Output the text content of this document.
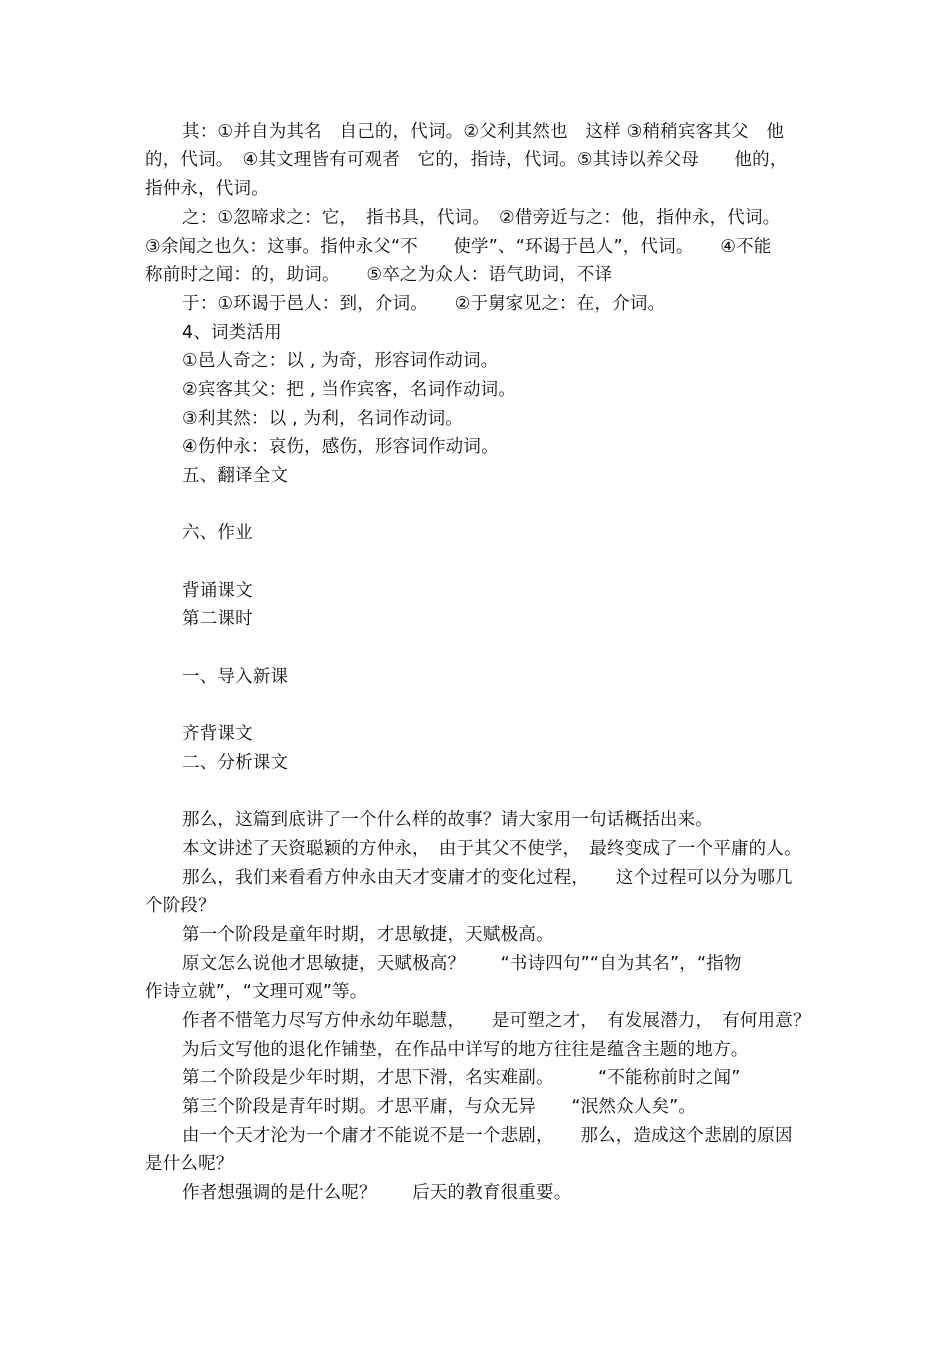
其：①并自为其名　自己的，代词。②父利其然也　这样 ③稍稍宾客其父　他
的，代词。　④其文理皆有可观者　它的，指诗，代词。⑤其诗以养父母　　他的，
指仲永，代词。
之：①忽啼求之：它，　指书具，代词。　②借旁近与之：他，指仲永，代词。
③余闻之也久：这事。指仲永父“不　　使学”、“环谒于邑人”，代词。　　④不能
称前时之闻：的，助词。　　⑤卒之为众人：语气助词，不译
于：①环谒于邑人：到，介词。　　②于舅家见之：在，介词。
4、词类活用
①邑人奇之：以 , 为奇，形容词作动词。
②宾客其父：把 , 当作宾客，名词作动词。
③利其然：以 , 为利，名词作动词。
④伤仲永：哀伤，感伤，形容词作动词。
五、翻译全文
六、作业
背诵课文
第二课时
一、导入新课
齐背课文
二、分析课文
那么，这篇到底讲了一个什么样的故事？请大家用一句话概括出来。
本文讲述了天资聪颖的方仲永，　由于其父不使学，　最终变成了一个平庸的人。
那么，我们来看看方仲永由天才变庸才的变化过程，　　这个过程可以分为哪几
个阶段？
第一个阶段是童年时期，才思敏捷，天赋极高。
原文怎么说他才思敏捷，天赋极高？　　“书诗四句”“自为其名”，“指物
作诗立就”，“文理可观”等。
作者不惜笔力尽写方仲永幼年聪慧，　　是可塑之才，　有发展潜力，　有何用意？
为后文写他的退化作铺垫，在作品中详写的地方往往是蕴含主题的地方。
第二个阶段是少年时期，才思下滑，名实难副。　　　“不能称前时之闻”
第三个阶段是青年时期。才思平庸，与众无异　　“泯然众人矣”。
由一个天才沦为一个庸才不能说不是一个悲剧，　　那么，造成这个悲剧的原因
是什么呢？
作者想强调的是什么呢？　　后天的教育很重要。
